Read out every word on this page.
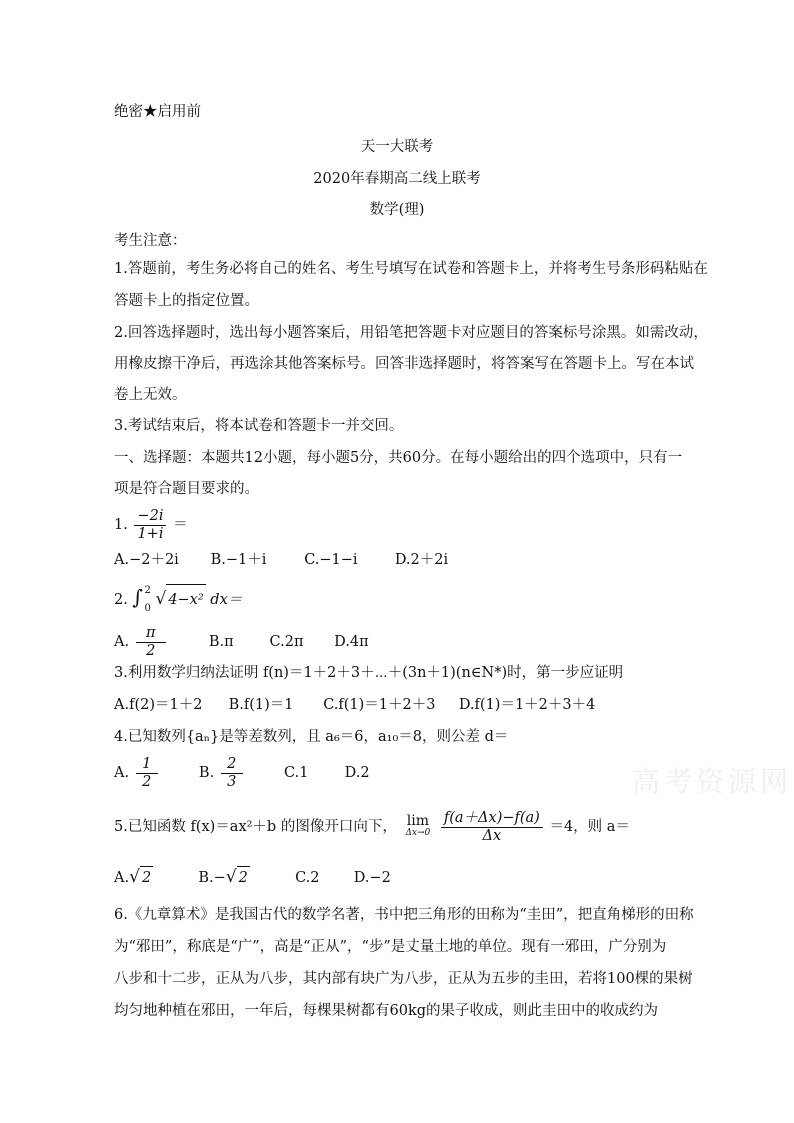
绝密★启用前
天一大联考
2020年春期高二线上联考
数学(理)
考生注意：
1.答题前，考生务必将自己的姓名、考生号填写在试卷和答题卡上，并将考生号条形码粘贴在
答题卡上的指定位置。
2.回答选择题时，选出每小题答案后，用铅笔把答题卡对应题目的答案标号涂黑。如需改动，
用橡皮擦干净后，再选涂其他答案标号。回答非选择题时，将答案写在答题卡上。写在本试
卷上无效。
3.考试结束后，将本试卷和答题卡一并交回。
一、选择题：本题共12小题，每小题5分，共60分。在每小题给出的四个选项中，只有一
项是符合题目要求的。
1. $\frac{-2i}{1+i}$ ＝
A.−2＋2i B.−1＋i	C.−1−i	D.2＋2i
2. ∫ 2
0 √ 4−x² dx＝
A. $\frac{\pi}{2}$	B.π C.2π D.4π
3.利用数学归纳法证明 f(n)＝1＋2＋3＋⋯＋(3n＋1)(n∈N*)时，第一步应证明
A.f(2)＝1＋2 B.f(1)＝1 C.f(1)＝1＋2＋3 D.f(1)＝1＋2＋3＋4
4.已知数列{aₙ}是等差数列，且 a₆＝6，a₁₀＝8，则公差 d＝
A. $\frac{1}{2}$	B. $\frac{2}{3}$	C.1 D.2
5.已知函数 f(x)＝ax²＋b 的图像开口向下， lim
Δx→0
$\frac{f(a+\Delta x)-f(a)}{\Delta x} =4$，则 a＝
A.√ 2	B.−√ 2	C.2 D.−2
6.《九章算术》是我国古代的数学名著，书中把三角形的田称为“圭田”，把直角梯形的田称
为“邪田”，称底是“广”，高是“正从”，“步”是丈量土地的单位。现有一邪田，广分别为
八步和十二步，正从为八步，其内部有块广为八步，正从为五步的圭田，若将100棵的果树
均匀地种植在邪田，一年后，每棵果树都有60kg的果子收成，则此圭田中的收成约为
高考资源网
